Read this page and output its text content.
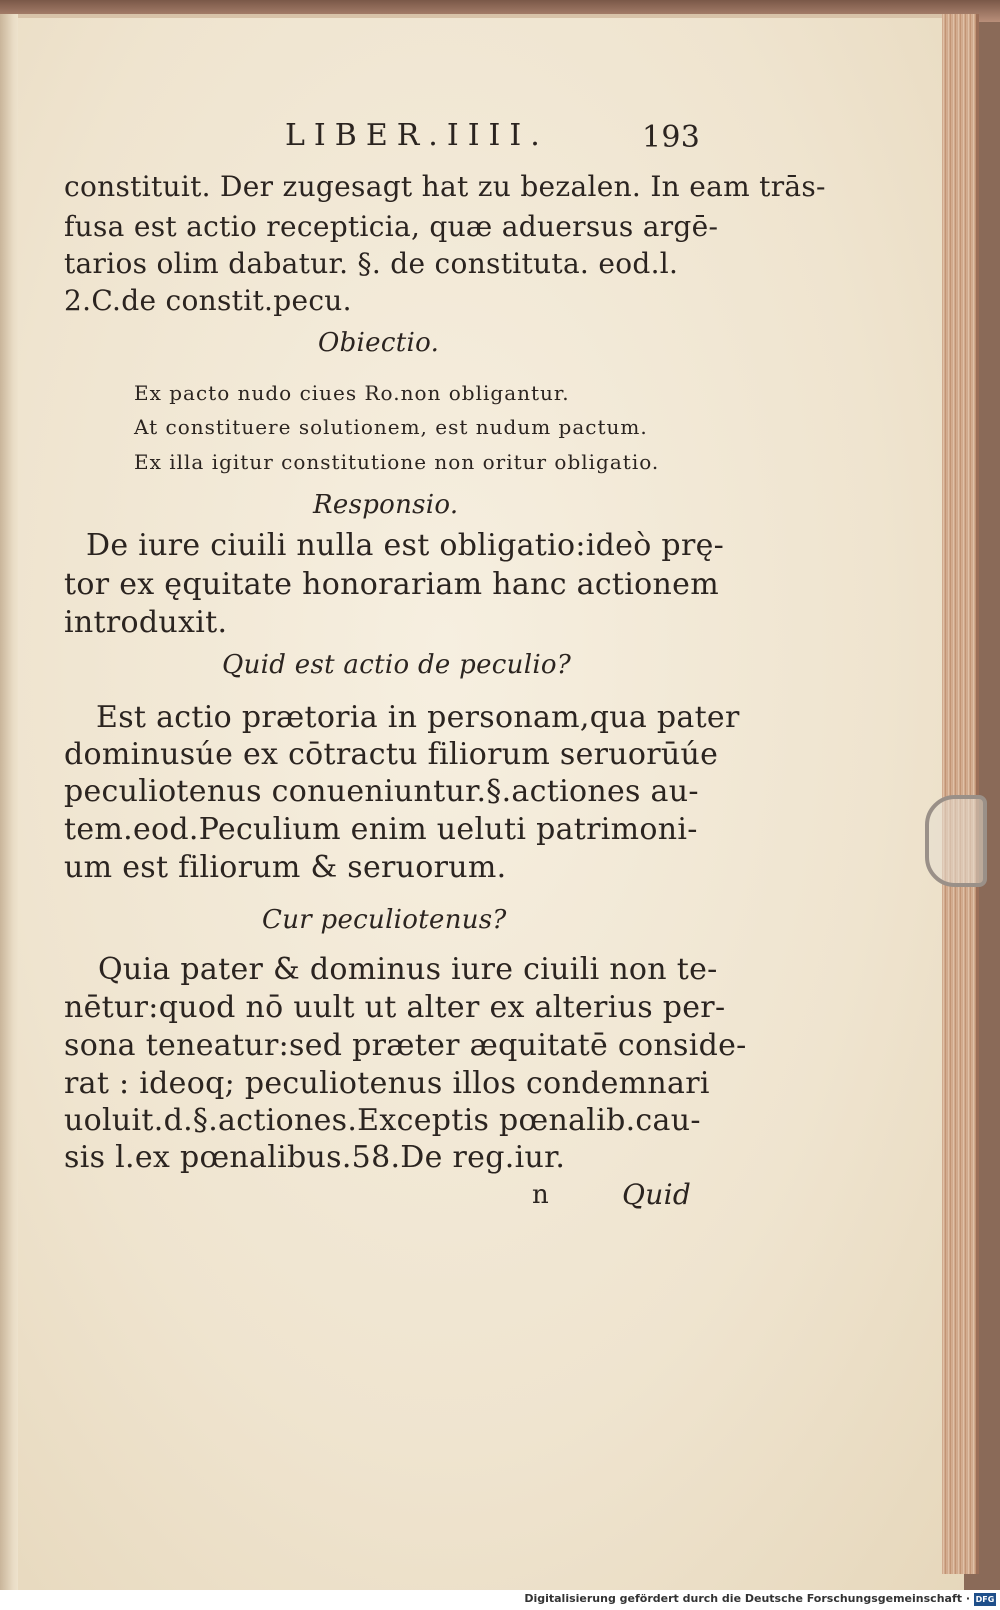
LIBER.IIII.	193
constituit. Der zugesagt hat zu bezalen. In eam trās-
fusa est actio recepticia, quæ aduersus argē-
tarios olim dabatur. §. de constituta. eod.l.
2.C.de constit.pecu.
Obiectio.
Ex pacto nudo ciues Ro.non obligantur.
At constituere solutionem, est nudum pactum.
Ex illa igitur constitutione non oritur obligatio.
Responsio.
De iure ciuili nulla est obligatio:ideò prę-
tor ex ęquitate honorariam hanc actionem
introduxit.
Quid est actio de peculio?
Est actio prætoria in personam,qua pater
dominusúe ex cōtractu filiorum seruorūúe
peculiotenus conueniuntur.§.actiones au-
tem.eod.Peculium enim ueluti patrimoni-
um est filiorum & seruorum.
Cur peculiotenus?
Quia pater & dominus iure ciuili non te-
nētur:quod nō uult ut alter ex alterius per-
sona teneatur:sed præter æquitatē conside-
rat : ideoq; peculiotenus illos condemnari
uoluit.d.§.actiones.Exceptis pœnalib.cau-
sis l.ex pœnalibus.58.De reg.iur.
n	Quid
Digitalisierung gefördert durch die Deutsche Forschungsgemeinschaft · DFG
